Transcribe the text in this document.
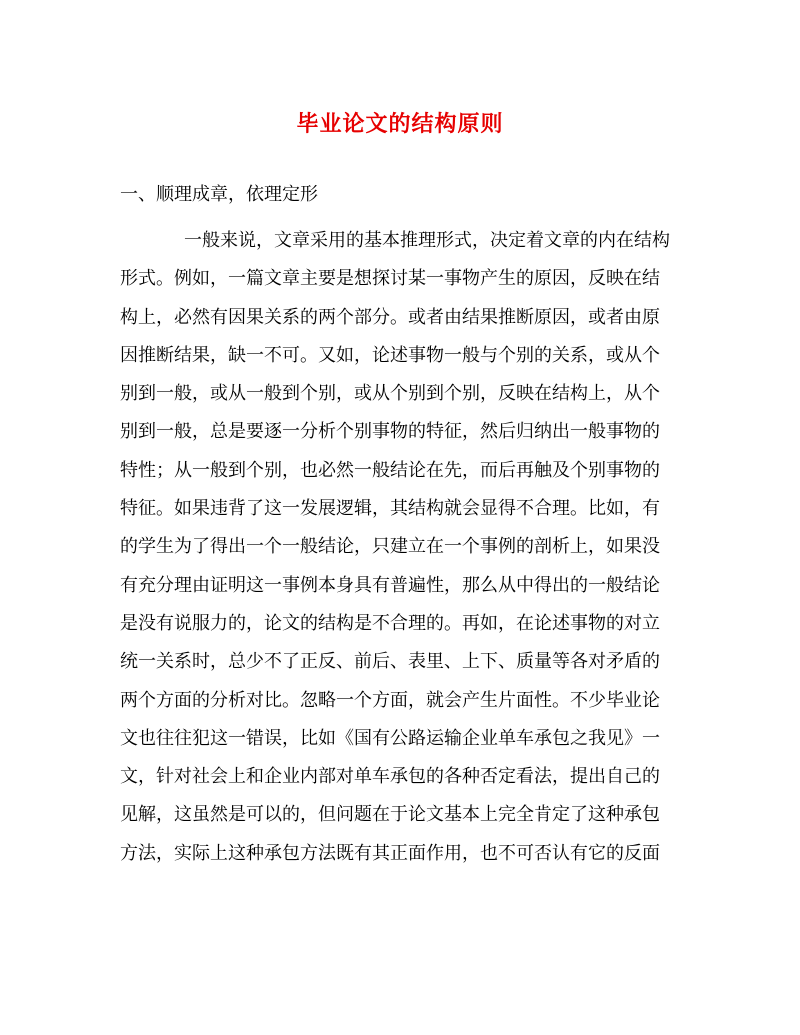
毕业论文的结构原则
一、顺理成章，依理定形
一般来说，文章采用的基本推理形式，决定着文章的内在结构
形式。例如，一篇文章主要是想探讨某一事物产生的原因，反映在结
构上，必然有因果关系的两个部分。或者由结果推断原因，或者由原
因推断结果，缺一不可。又如，论述事物一般与个别的关系，或从个
别到一般，或从一般到个别，或从个别到个别，反映在结构上，从个
别到一般，总是要逐一分析个别事物的特征，然后归纳出一般事物的
特性；从一般到个别，也必然一般结论在先，而后再触及个别事物的
特征。如果违背了这一发展逻辑，其结构就会显得不合理。比如，有
的学生为了得出一个一般结论，只建立在一个事例的剖析上，如果没
有充分理由证明这一事例本身具有普遍性，那么从中得出的一般结论
是没有说服力的，论文的结构是不合理的。再如，在论述事物的对立
统一关系时，总少不了正反、前后、表里、上下、质量等各对矛盾的
两个方面的分析对比。忽略一个方面，就会产生片面性。不少毕业论
文也往往犯这一错误，比如《国有公路运输企业单车承包之我见》一
文，针对社会上和企业内部对单车承包的各种否定看法，提出自己的
见解，这虽然是可以的，但问题在于论文基本上完全肯定了这种承包
方法，实际上这种承包方法既有其正面作用，也不可否认有它的反面
